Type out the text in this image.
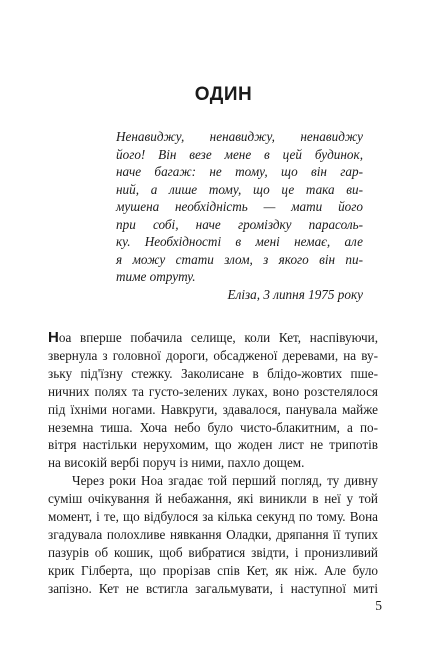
ОДИН
Ненавиджу, ненавиджу, ненавиджу
його! Він везе мене в цей будинок,
наче багаж: не тому, що він гар-
ний, а лише тому, що це така ви-
мушена необхідність — мати його
при собі, наче громіздку парасоль-
ку. Необхідності в мені немає, але
я можу стати злом, з якого він пи-
тиме отруту.
Еліза, 3 липня 1975 року
Ноа вперше побачила селище, коли Кет, наспівуючи,
звернула з головної дороги, обсадженої деревами, на ву-
зьку під'їзну стежку. Заколисане в блідо-жовтих пше-
ничних полях та густо-зелених луках, воно розстелялося
під їхніми ногами. Навкруги, здавалося, панувала майже
неземна тиша. Хоча небо було чисто-блакитним, а по-
вітря настільки нерухомим, що жоден лист не трипотів
на високій вербі поруч із ними, пахло дощем.
Через роки Ноа згадає той перший погляд, ту дивну
суміш очікування й небажання, які виникли в неї у той
момент, і те, що відбулося за кілька секунд по тому. Вона
згадувала полохливе нявкання Оладки, дряпання її тупих
пазурів об кошик, щоб вибратися звідти, і пронизливий
крик Гілберта, що прорізав спів Кет, як ніж. Але було
запізно. Кет не встигла загальмувати, і наступної миті
5
